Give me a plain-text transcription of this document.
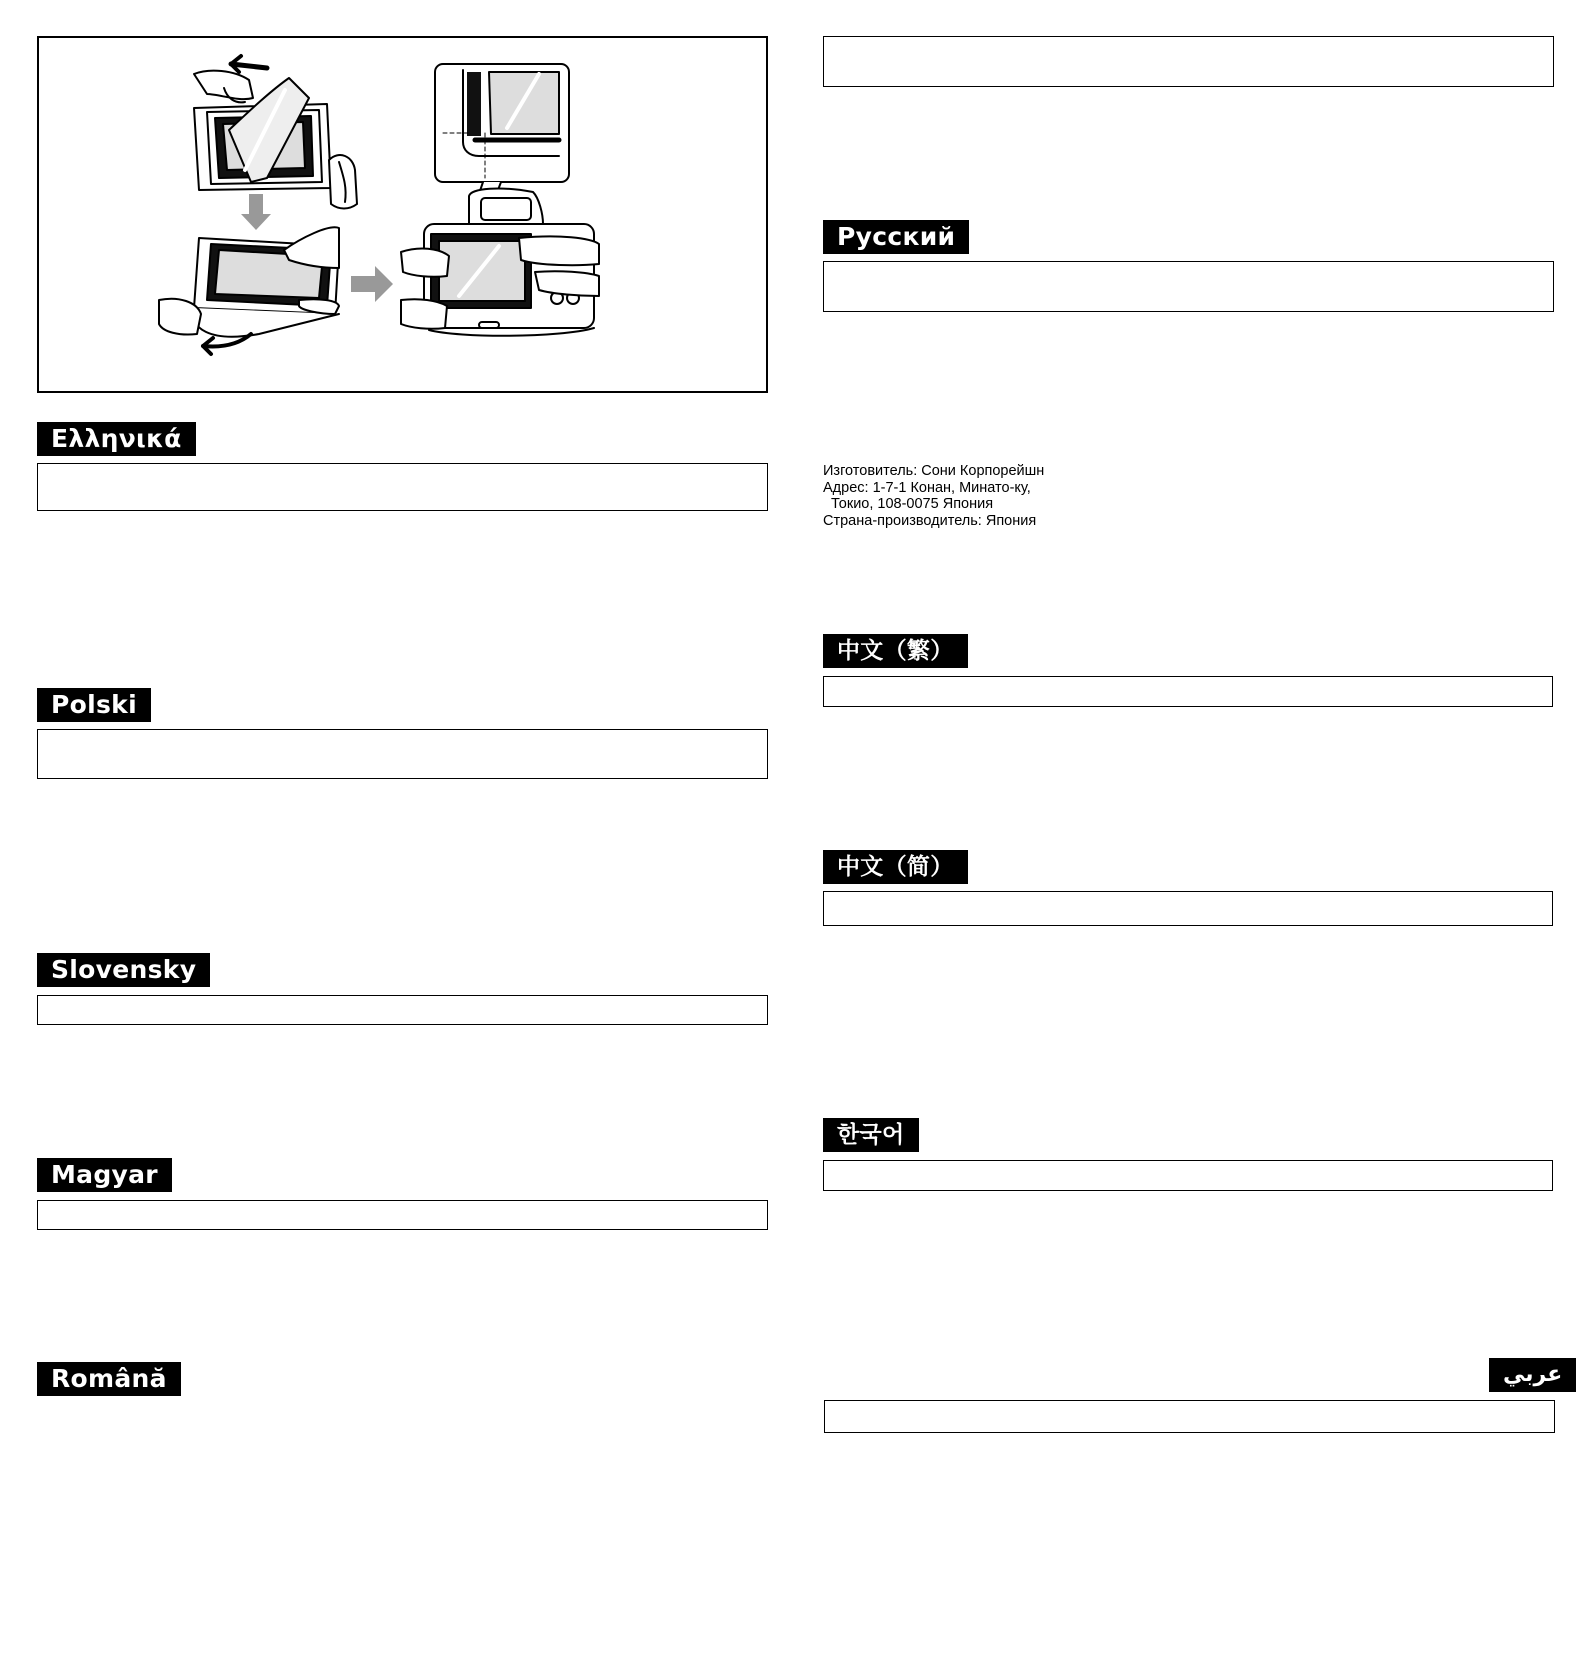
Ελληνικά
Polski
Slovensky
Magyar
Română
Русский
Изготовитель: Сони Корпорейшн
Адрес: 1-7-1 Конан, Минато-ку,
Токио, 108-0075 Япония
Страна-производитель: Япония
中文（繁）
中文（简）
한국어
عربي
